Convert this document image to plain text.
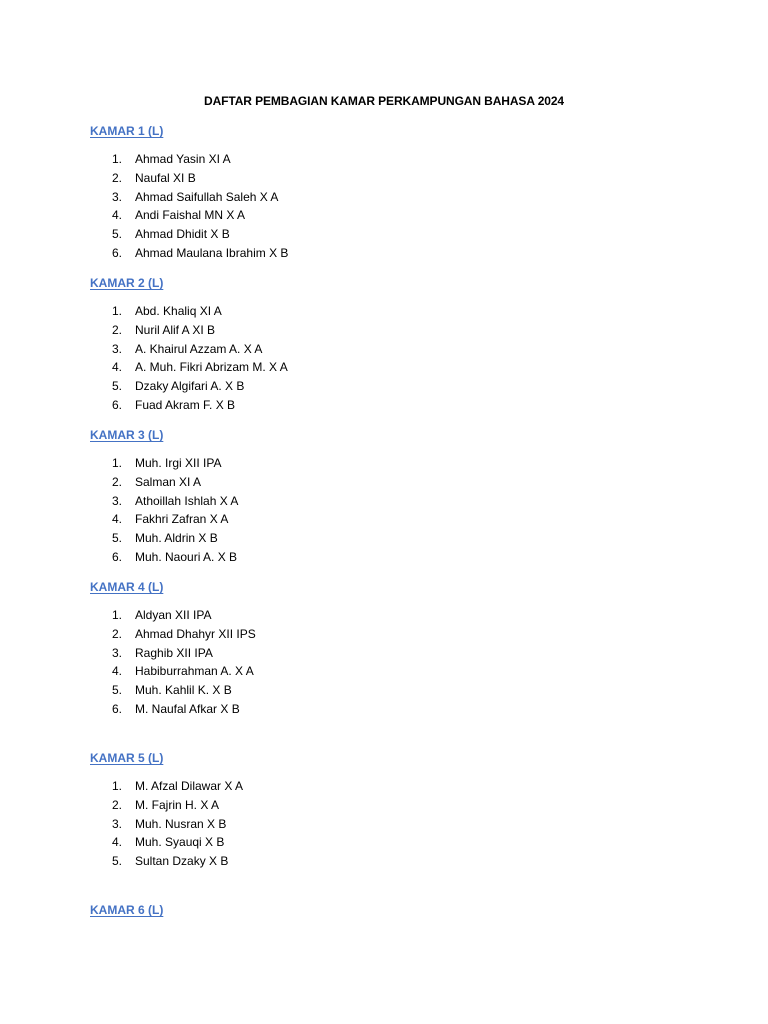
DAFTAR PEMBAGIAN KAMAR PERKAMPUNGAN BAHASA 2024
KAMAR 1 (L)
1.	Ahmad Yasin XI A
2.	Naufal XI B
3.	Ahmad Saifullah Saleh X A
4.	Andi Faishal MN X A
5.	Ahmad Dhidit X B
6.	Ahmad Maulana Ibrahim X B
KAMAR 2 (L)
1.	Abd. Khaliq XI A
2.	Nuril Alif A XI B
3.	A. Khairul Azzam A. X A
4.	A. Muh. Fikri Abrizam M. X A
5.	Dzaky Algifari A. X B
6.	Fuad Akram F. X B
KAMAR 3 (L)
1.	Muh. Irgi XII IPA
2.	Salman XI A
3.	Athoillah Ishlah X A
4.	Fakhri Zafran X A
5.	Muh. Aldrin X B
6.	Muh. Naouri A. X B
KAMAR 4 (L)
1.	Aldyan XII IPA
2.	Ahmad Dhahyr XII IPS
3.	Raghib XII IPA
4.	Habiburrahman A. X A
5.	Muh. Kahlil K. X B
6.	M. Naufal Afkar X B
KAMAR 5 (L)
1.	M. Afzal Dilawar X A
2.	M. Fajrin H. X A
3.	Muh. Nusran X B
4.	Muh. Syauqi X B
5.	Sultan Dzaky X B
KAMAR 6 (L)
